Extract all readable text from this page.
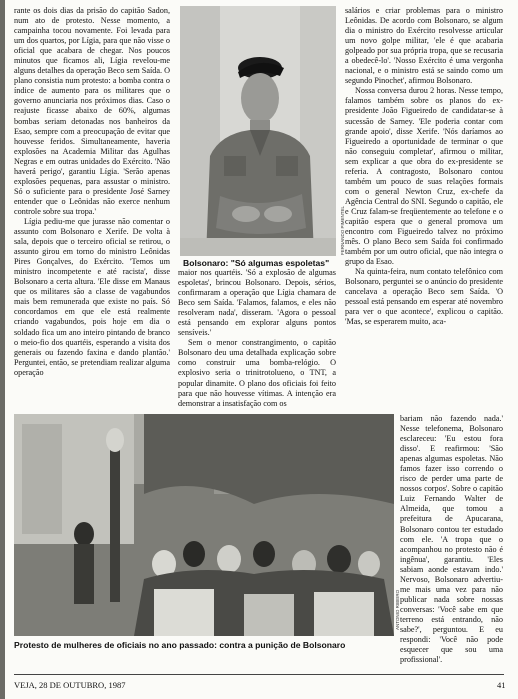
rante os dois dias da prisão do capitão Sadon, num ato de protesto. Nesse momento, a campainha tocou novamente. Foi levada para um dos quartos, por Lígia, para que não visse o oficial que acabara de chegar. Nos poucos minutos que ficamos ali, Lígia revelou-me alguns detalhes da operação Beco sem Saída. O plano consistia num protesto: a bomba contra o índice de aumento para os militares que o governo anunciaria nos próximos dias. Caso o reajuste ficasse abaixo de 60%, algumas bombas seriam detonadas nos banheiros da Esao, sempre com a preocupação de evitar que houvesse feridos. Simultaneamente, haveria explosões na Academia Militar das Agulhas Negras e em outras unidades do Exército. 'Não haverá perigo', garantiu Lígia. 'Serão apenas explosões pequenas, para assustar o ministro. Só o suficiente para o presidente José Sarney entender que o Leônidas não exerce nenhum controle sobre sua tropa.'

Lígia pediu-me que jurasse não comentar o assunto com Bolsonaro e Xerife. De volta à sala, depois que o terceiro oficial se retirou, o assunto girou em torno do ministro Leônidas Pires Gonçalves, do Exército. 'Temos um ministro incompetente e até racista', disse Bolsonaro a certa altura. 'Ele disse em Manaus que os militares são a classe de vagabundos mais bem remunerada que existe no país. Só concordamos em que ele está realmente criando vagabundos, pois hoje em dia o soldado fica um ano inteiro pintando de branco o meio-fio dos quartéis, esperando a visita dos generais ou fazendo faxina e dando plantão.' Perguntei, então, se pretendiam realizar alguma operação

Bolsonaro: "Só algumas espoletas"
FERNANDO PIMENTEL

maior nos quartéis. 'Só a explosão de algumas espoletas', brincou Bolsonaro. Depois, sérios, confirmaram a operação que Lígia chamara de Beco sem Saída. 'Falamos, falamos, e eles não resolveram nada', disseram. 'Agora o pessoal está pensando em explorar alguns pontos sensíveis.'

Sem o menor constrangimento, o capitão Bolsonaro deu uma detalhada explicação sobre como construir uma bomba-relógio. O explosivo seria o trinitrotolueno, o TNT, a popular dinamite. O plano dos oficiais foi feito para que não houvesse vítimas. A intenção era demonstrar a insatisfação com os

salários e criar problemas para o ministro Leônidas. De acordo com Bolsonaro, se algum dia o ministro do Exército resolvesse articular um novo golpe militar, 'ele é que acabaria golpeado por sua própria tropa, que se recusaria a obedecê-lo'. 'Nosso Exército é uma vergonha nacional, e o ministro está se saindo como um segundo Pinochet', afirmou Bolsonaro.

Nossa conversa durou 2 horas. Nesse tempo, falamos também sobre os planos do ex-presidente João Figueiredo de candidatar-se à sucessão de Sarney. 'Ele poderia contar com grande apoio', disse Xerife. 'Nós daríamos ao Figueiredo a oportunidade de terminar o que não conseguiu completar', afirmou o militar, sem explicar a que obra do ex-presidente se referia. A contragosto, Bolsonaro contou também um pouco de suas relações formais com o general Newton Cruz, ex-chefe da Agência Central do SNI. Segundo o capitão, ele e Cruz falam-se freqüentemente ao telefone e o capitão espera que o general promova um encontro com Figueiredo talvez no próximo mês. O plano Beco sem Saída foi confirmado também por um outro oficial, que não integra o grupo da Esao.

Na quinta-feira, num contato telefônico com Bolsonaro, perguntei se o anúncio do presidente cancelava a operação Beco sem Saída. 'O pessoal está pensando em esperar até novembro para ver o que acontece', explicou o capitão. 'Mas, se esperarem muito, aca-

Protesto de mulheres de oficiais no ano passado: contra a punição de Bolsonaro
ANTONIO RIBEIRO

bariam não fazendo nada.' Nesse telefonema, Bolsonaro esclareceu: 'Eu estou fora disso'. E reafirmou: 'São apenas algumas espoletas. Não famos fazer isso correndo o risco de perder uma parte de nossos corpos'. Sobre o capitão Luiz Fernando Walter de Almeida, que tomou a prefeitura de Apucarana, Bolsonaro contou ter estudado com ele. 'A tropa que o acompanhou no protesto não é ingênua', garantiu. 'Eles sabiam aonde estavam indo.' Nervoso, Bolsonaro advertiu-me mais uma vez para não publicar nada sobre nossas conversas: 'Você sabe em que terreno está entrando, não sabe?', perguntou. E eu respondi: 'Você não pode esquecer que sou uma profissional'.

VEJA, 28 DE OUTUBRO, 1987	41
